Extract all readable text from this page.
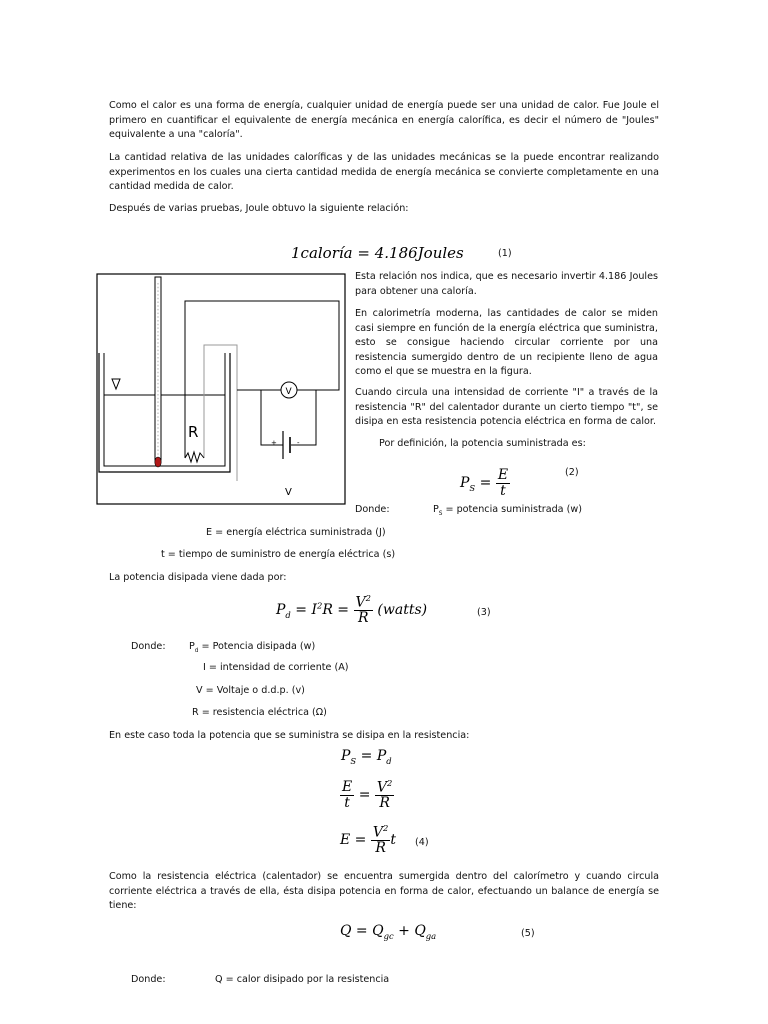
Como el calor es una forma de energía, cualquier unidad de energía puede ser una unidad de calor. Fue Joule el primero en cuantificar el equivalente de energía mecánica en energía calorífica, es decir el número de "Joules" equivalente a una "caloría".

La cantidad relativa de las unidades caloríficas y de las unidades mecánicas se la puede encontrar realizando experimentos en los cuales una cierta cantidad medida de energía mecánica se convierte completamente en una cantidad medida de calor.

Después de varias pruebas, Joule obtuvo la siguiente relación:

1caloría = 4.186Joules	(1)
R
V
+	-
V

Esta relación nos indica, que es necesario invertir 4.186 Joules para obtener una caloría.

En calorimetría moderna, las cantidades de calor se miden casi siempre en función de la energía eléctrica que suministra, esto se consigue haciendo circular corriente por una resistencia sumergido dentro de un recipiente lleno de agua como el que se muestra en la figura.

Cuando circula una intensidad de corriente "I" a través de la resistencia "R" del calentador durante un cierto tiempo "t", se disipa en esta resistencia potencia eléctrica en forma de calor.

Por definición, la potencia suministrada es:

$P_S = \frac{E}{t}$	(2)
Donde:	$P_S$ = potencia suministrada (w)
E = energía eléctrica suministrada (J)
t = tiempo de suministro de energía eléctrica (s)
La potencia disipada viene dada por:
$P_d = I^2R = \frac{V^2}{R}$ (watts)	(3)
Donde: $P_d$ = Potencia disipada (w)
I = intensidad de corriente (A)
V = Voltaje o d.d.p. (v)
R = resistencia eléctrica (Ω)
En este caso toda la potencia que se suministra se disipa en la resistencia:
$P_S = P_d$
$\frac{E}{t} = \frac{V^2}{R}$
$E = \frac{V^2}{R}$ t (4)

Como la resistencia eléctrica (calentador) se encuentra sumergida dentro del calorímetro y cuando circula corriente eléctrica a través de ella, ésta disipa potencia en forma de calor, efectuando un balance de energía se tiene:

$Q = Q_{gc} + Q_{ga}$	(5)
Donde:	Q = calor disipado por la resistencia
